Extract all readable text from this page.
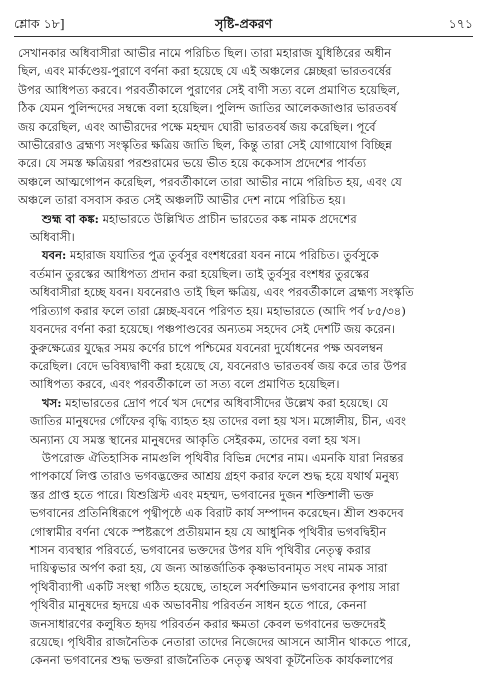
শ্লোক ১৮]	সৃষ্টি-প্রকরণ	১৭১

সেখানকার অধিবাসীরা আভীর নামে পরিচিত ছিল। তারা মহারাজ যুধিষ্ঠিরের অধীন
ছিল, এবং মার্কণ্ডেয়-পুরাণে বর্ণনা করা হয়েছে যে এই অঞ্চলের ম্লেচ্ছরা ভারতবর্ষের
উপর আধিপত্য করবে। পরবর্তীকালে পুরাণের সেই বাণী সত্য বলে প্রমাণিত হয়েছিল,
ঠিক যেমন পুলিন্দদের সম্বন্ধে বলা হয়েছিল। পুলিন্দ জাতির আলেকজাণ্ডার ভারতবর্ষ
জয় করেছিল, এবং আভীরদের পক্ষে মহম্মদ ঘোরী ভারতবর্ষ জয় করেছিল। পূর্বে
আভীরেরাও ব্রহ্মণ্য সংস্কৃতির ক্ষত্রিয় জাতি ছিল, কিন্তু তারা সেই যোগাযোগ বিচ্ছিন্ন
করে। যে সমস্ত ক্ষত্রিয়রা পরশুরামের ভয়ে ভীত হয়ে ককেসাস প্রদেশের পার্বত্য
অঞ্চলে আত্মগোপন করেছিল, পরবর্তীকালে তারা আভীর নামে পরিচিত হয়, এবং যে
অঞ্চলে তারা বসবাস করত সেই অঞ্চলটি আভীর দেশ নামে পরিচিত হয়।

শুহ্ম বা কঙ্ক: মহাভারতে উল্লিখিত প্রাচীন ভারতের কঙ্ক নামক প্রদেশের
অধিবাসী।

যবন: মহারাজ যযাতির পুত্র তুর্বসুর বংশধরেরা যবন নামে পরিচিত। তুর্বসুকে
বর্তমান তুরস্কের আধিপত্য প্রদান করা হয়েছিল। তাই তুর্বসুর বংশধর তুরস্কের
অধিবাসীরা হচ্ছে যবন। যবনেরাও তাই ছিল ক্ষত্রিয়, এবং পরবর্তীকালে ব্রহ্মণ্য সংস্কৃতি
পরিত্যাগ করার ফলে তারা ম্লেচ্ছ-যবনে পরিণত হয়। মহাভারতে (আদি পর্ব ৮৫/৩৪)
যবনদের বর্ণনা করা হয়েছে। পঞ্চপাণ্ডবের অন্যতম সহদেব সেই দেশটি জয় করেন।
কুরুক্ষেত্রের যুদ্ধের সময় কর্ণের চাপে পশ্চিমের যবনেরা দুর্যোধনের পক্ষ অবলম্বন
করেছিল। বেদে ভবিষ্যদ্বাণী করা হয়েছে যে, যবনেরাও ভারতবর্ষ জয় করে তার উপর
আধিপত্য করবে, এবং পরবর্তীকালে তা সত্য বলে প্রমাণিত হয়েছিল।

খস: মহাভারতের দ্রোণ পর্বে খস দেশের অধিবাসীদের উল্লেখ করা হয়েছে। যে
জাতির মানুষদের গোঁফের বৃদ্ধি ব্যাহত হয় তাদের বলা হয় খস। মঙ্গোলীয়, চীন, এবং
অন্যান্য যে সমস্ত স্থানের মানুষদের আকৃতি সেইরকম, তাদের বলা হয় খস।

উপরোক্ত ঐতিহাসিক নামগুলি পৃথিবীর বিভিন্ন দেশের নাম। এমনকি যারা নিরন্তর
পাপকার্যে লিপ্ত তারাও ভগবদ্ভক্তের আশ্রয় গ্রহণ করার ফলে শুদ্ধ হয়ে যথার্থ মনুষ্য
স্তর প্রাপ্ত হতে পারে। যিশুখ্রিস্ট এবং মহম্মদ, ভগবানের দুজন শক্তিশালী ভক্ত
ভগবানের প্রতিনিধিরূপে পৃথ্বীপৃষ্ঠে এক বিরাট কার্য সম্পাদন করেছেন। শ্রীল শুকদেব
গোস্বামীর বর্ণনা থেকে স্পষ্টরূপে প্রতীয়মান হয় যে আধুনিক পৃথিবীর ভগবদ্বিহীন
শাসন ব্যবস্থার পরিবর্তে, ভগবানের ভক্তদের উপর যদি পৃথিবীর নেতৃত্ব করার
দায়িত্বভার অর্পণ করা হয়, যে জন্য আন্তর্জাতিক কৃষ্ণভাবনামৃত সংঘ নামক সারা
পৃথিবীব্যাপী একটি সংস্থা গঠিত হয়েছে, তাহলে সর্বশক্তিমান ভগবানের কৃপায় সারা
পৃথিবীর মানুষদের হৃদয়ে এক অভাবনীয় পরিবর্তন সাধন হতে পারে, কেননা
জনসাধারণের কলুষিত হৃদয় পরিবর্তন করার ক্ষমতা কেবল ভগবানের ভক্তদেরই
রয়েছে। পৃথিবীর রাজনৈতিক নেতারা তাদের নিজেদের আসনে আসীন থাকতে পারে,
কেননা ভগবানের শুদ্ধ ভক্তরা রাজনৈতিক নেতৃত্ব অথবা কূটনৈতিক কার্যকলাপের
